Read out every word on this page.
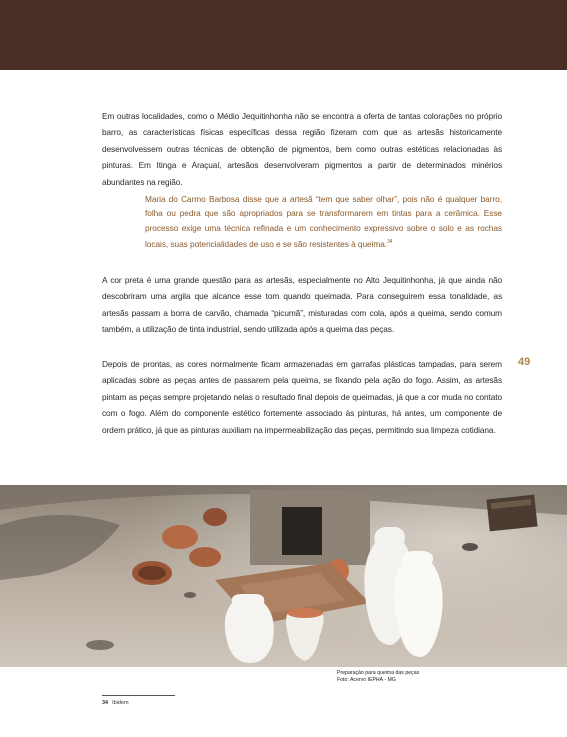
Em outras localidades, como o Médio Jequitinhonha não se encontra a oferta de tantas colorações no próprio barro, as características físicas específicas dessa região fizeram com que as artesãs historicamente desenvolvessem outras técnicas de obtenção de pigmentos, bem como outras estéticas relacionadas às pinturas. Em Itinga e Araçuaí, artesãos desenvolveram pigmentos a partir de determinados minérios abundantes na região.

Maria do Carmo Barbosa disse que a artesã “tem que saber olhar”, pois não é qualquer barro, folha ou pedra que são apropriados para se transformarem em tintas para a cerâmica. Esse processo exige uma técnica refinada e um conhecimento expressivo sobre o solo e as rochas locais, suas potencialidades de uso e se são resistentes à queima.$^{34}$

A cor preta é uma grande questão para as artesãs, especialmente no Alto Jequitinhonha, já que ainda não descobriram uma argila que alcance esse tom quando queimada. Para conseguirem essa tonalidade, as artesãs passam a borra de carvão, chamada “picumã”, misturadas com cola, após a queima, sendo comum também, a utilização de tinta industrial, sendo utilizada após a queima das peças.

Depois de prontas, as cores normalmente ficam armazenadas em garrafas plásticas tampadas, para serem aplicadas sobre as peças antes de passarem pela queima, se fixando pela ação do fogo. Assim, as artesãs pintam as peças sempre projetando nelas o resultado final depois de queimadas, já que a cor muda no contato com o fogo. Além do componente estético fortemente associado às pinturas, há antes, um componente de ordem prático, já que as pinturas auxiliam na impermeabilização das peças, permitindo sua limpeza cotidiana.

49

Preparação para queima das peças
Foto: Acervo IEPHA - MG

34 Ibidem
